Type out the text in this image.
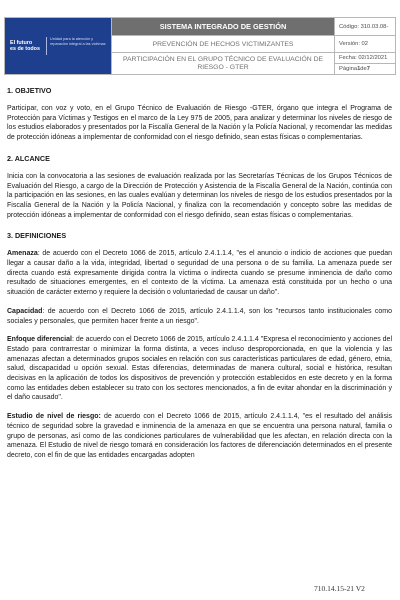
El futuro
es de todos
Unidad para la atención y reparación integral a las víctimas
SISTEMA INTEGRADO DE GESTIÓN
PREVENCIÓN DE HECHOS VICTIMIZANTES
PARTICIPACIÓN EN EL GRUPO TÉCNICO DE EVALUACIÓN DE RIESGO - GTER
Código: 310.03.08-
Versión: 02
Fecha: 02/12/2021
Página 1 de 7

1. OBJETIVO

Participar, con voz y voto, en el Grupo Técnico de Evaluación de Riesgo -GTER, órgano que integra el Programa de Protección para Víctimas y Testigos en el marco de la Ley 975 de 2005, para analizar y determinar los niveles de riesgo de los estudios elaborados y presentados por la Fiscalía General de la Nación y la Policía Nacional, y recomendar las medidas de protección idóneas a implementar de conformidad con el riesgo definido, sean estas físicas o complementarias.

2. ALCANCE

Inicia con la convocatoria a las sesiones de evaluación realizada por las Secretarías Técnicas de los Grupos Técnicos de Evaluación del Riesgo, a cargo de la Dirección de Protección y Asistencia de la Fiscalía General de la Nación, continúa con la participación en las sesiones, en las cuales evalúan y determinan los niveles de riesgo de los estudios presentados por la Fiscalía General de la Nación y la Policía Nacional, y finaliza con la recomendación y concepto sobre las medidas de protección idóneas a implementar de conformidad con el riesgo definido, sean estas físicas o complementarias.

3. DEFINICIONES

Amenaza: de acuerdo con el Decreto 1066 de 2015, artículo 2.4.1.1.4, "es el anuncio o indicio de acciones que puedan llegar a causar daño a la vida, integridad, libertad o seguridad de una persona o de su familia. La amenaza puede ser directa cuando está expresamente dirigida contra la víctima o indirecta cuando se presume inminencia de daño como resultado de situaciones emergentes, en el contexto de la víctima. La amenaza está constituida por un hecho o una situación de carácter externo y requiere la decisión o voluntariedad de causar un daño".

Capacidad: de acuerdo con el Decreto 1066 de 2015, artículo 2.4.1.1.4, son los "recursos tanto institucionales como sociales y personales, que permiten hacer frente a un riesgo".

Enfoque diferencial: de acuerdo con el Decreto 1066 de 2015, artículo 2.4.1.1.4 "Expresa el reconocimiento y acciones del Estado para contrarrestar o minimizar la forma distinta, a veces incluso desproporcionada, en que la violencia y las amenazas afectan a determinados grupos sociales en relación con sus características particulares de edad, género, etnia, salud, discapacidad u opción sexual. Estas diferencias, determinadas de manera cultural, social e histórica, resultan decisivas en la aplicación de todos los dispositivos de prevención y protección establecidos en este decreto y en la forma como las entidades deben establecer su trato con los sectores mencionados, a fin de evitar ahondar en la discriminación y el daño causado".

Estudio de nivel de riesgo: de acuerdo con el Decreto 1066 de 2015, artículo 2.4.1.1.4, "es el resultado del análisis técnico de seguridad sobre la gravedad e inminencia de la amenaza en que se encuentra una persona natural, familia o grupo de personas, así como de las condiciones particulares de vulnerabilidad que les afectan, en relación directa con la amenaza. El Estudio de nivel de riesgo tomará en consideración los factores de diferenciación determinados en el presente decreto, con el fin de que las entidades encargadas adopten

710.14.15-21 V2
